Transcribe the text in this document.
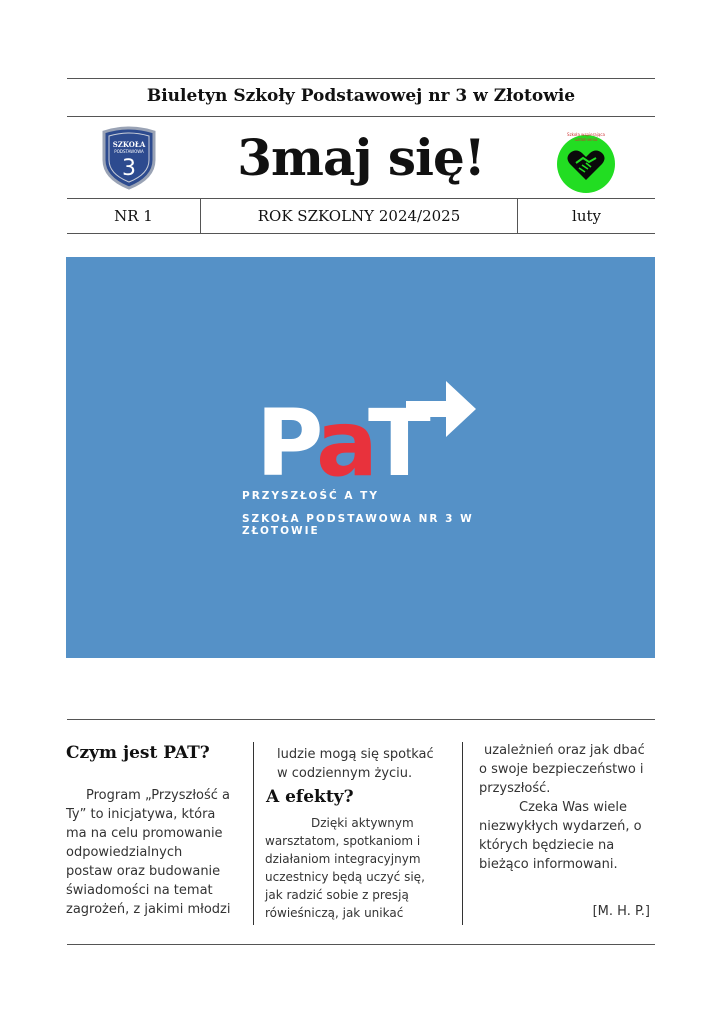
Biuletyn Szkoły Podstawowej nr 3 w Złotowie
SZKOŁA
PODSTAWOWA
3	3maj się!	Szkoła wspierająca uzdolnienia
NR 1	ROK SZKOLNY 2024/2025	luty
P
a
T
PRZYSZŁOŚĆ A TY
SZKOŁA PODSTAWOWA NR 3 W ZŁOTOWIE
Czym jest PAT?

Program „Przyszłość a

Ty” to inicjatywa, która

ma na celu promowanie

odpowiedzialnych

postaw oraz budowanie

świadomości na temat

zagrożeń, z jakimi młodzi

ludzie mogą się spotkać

w codziennym życiu.

A efekty?

Dzięki aktywnym

warsztatom, spotkaniom i

działaniom integracyjnym

uczestnicy będą uczyć się,

jak radzić sobie z presją

rówieśniczą, jak unikać

uzależnień oraz jak dbać

o swoje bezpieczeństwo i

przyszłość.

Czeka Was wiele

niezwykłych wydarzeń, o

których będziecie na

bieżąco informowani.

[M. H. P.]
